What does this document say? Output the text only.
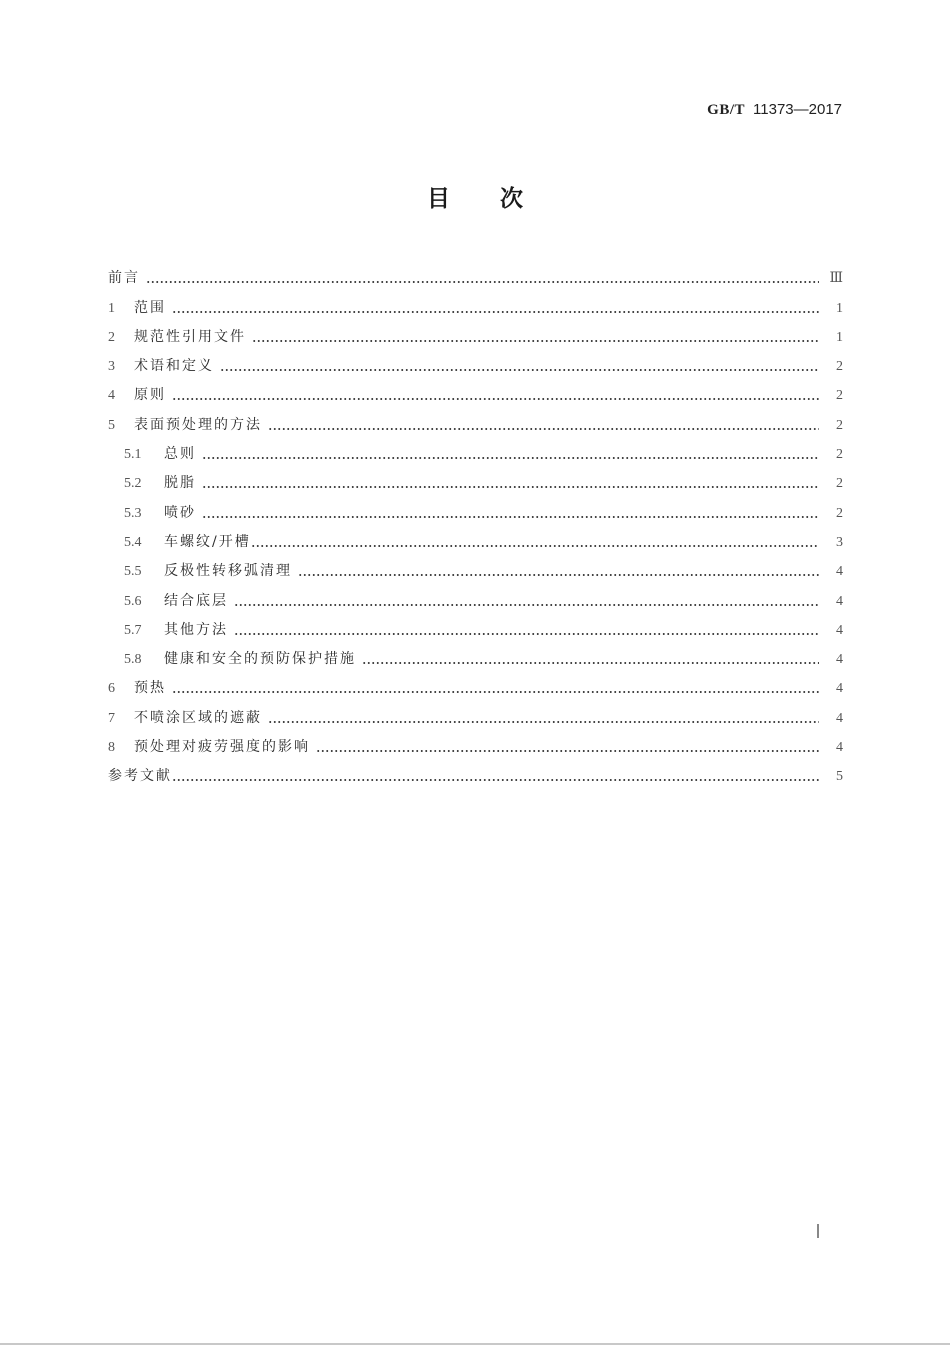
GB/T 11373—2017
目 次
前言	Ⅲ
1	范围	1
2	规范性引用文件	1
3	术语和定义	2
4	原则	2
5	表面预处理的方法	2
5.1	总则	2
5.2	脱脂	2
5.3	喷砂	2
5.4	车螺纹/开槽	3
5.5	反极性转移弧清理	4
5.6	结合底层	4
5.7	其他方法	4
5.8	健康和安全的预防保护措施	4
6	预热	4
7	不喷涂区域的遮蔽	4
8	预处理对疲劳强度的影响	4
参考文献	5
